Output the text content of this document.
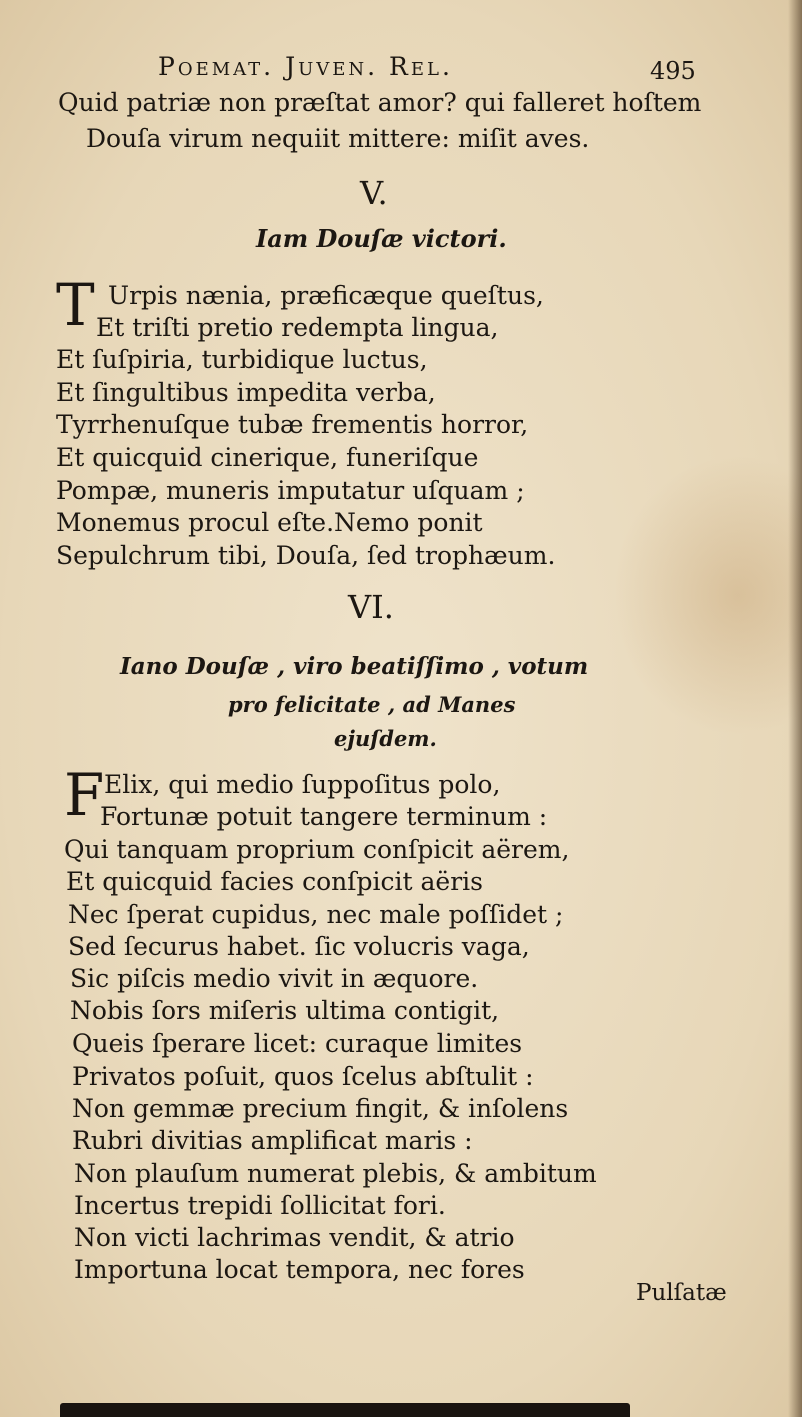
Poemat. Juven. Rel.	495
Quid patriæ non præſtat amor? qui falleret hoſtem
Douſa virum nequiit mittere: miſit aves.
V.
Iam Douſæ victori.
T Urpis nænia, præficæque queſtus,
Et triſti pretio redempta lingua,
Et ſuſpiria, turbidique luctus,
Et ſingultibus impedita verba,
Tyrrhenuſque tubæ frementis horror,
Et quicquid cinerique, funeriſque
Pompæ, muneris imputatur uſquam ;
Monemus procul eſte.Nemo ponit
Sepulchrum tibi, Douſa, ſed trophæum.
VI.
Iano Douſæ , viro beatiſſimo , votum
pro felicitate , ad Manes
ejuſdem.
F Elix, qui medio ſuppoſitus polo,
Fortunæ potuit tangere terminum :
Qui tanquam proprium conſpicit aërem,
Et quicquid facies conſpicit aëris
Nec ſperat cupidus, nec male poſſidet ;
Sed ſecurus habet. ſic volucris vaga,
Sic piſcis medio vivit in æquore.
Nobis ſors miſeris ultima contigit,
Queis ſperare licet: curaque limites
Privatos poſuit, quos ſcelus abſtulit :
Non gemmæ precium fingit, & inſolens
Rubri divitias amplificat maris :
Non plauſum numerat plebis, & ambitum
Incertus trepidi ſollicitat fori.
Non victi lachrimas vendit, & atrio
Importuna locat tempora, nec fores
Pulſatæ
